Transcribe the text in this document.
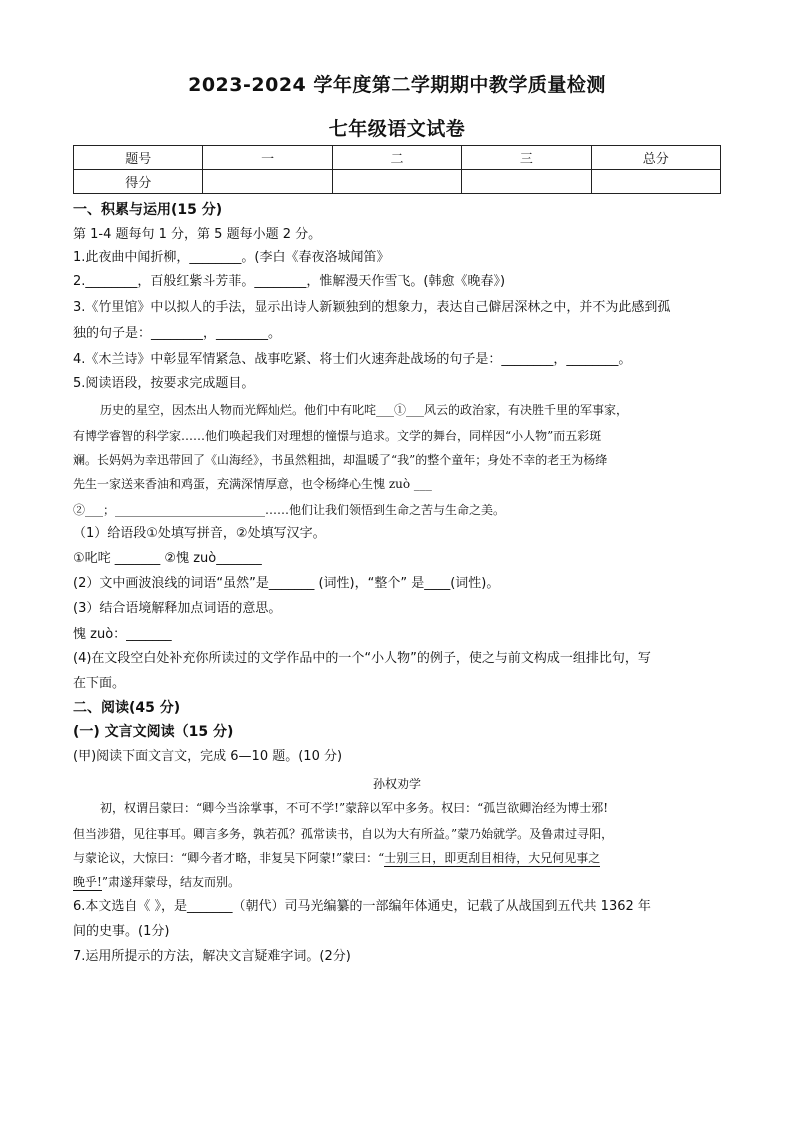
2023-2024 学年度第二学期期中教学质量检测
七年级语文试卷
题号	一	二	三	总分
得分				
一、积累与运用(15 分)
第 1-4 题每句 1 分，第 5 题每小题 2 分。
1.此夜曲中闻折柳，________。(李白《春夜洛城闻笛》
2.________，百般红紫斗芳菲。________，惟解漫天作雪飞。(韩愈《晚春》)
3.《竹里馆》中以拟人的手法，显示出诗人新颖独到的想象力，表达自己僻居深林之中，并不为此感到孤
独的句子是：________，________。
4.《木兰诗》中彰显军情紧急、战事吃紧、将士们火速奔赴战场的句子是：________，________。
5.阅读语段，按要求完成题目。
历史的星空，因杰出人物而光辉灿烂。他们中有叱咤___①___风云的政治家，有决胜千里的军事家，
有博学睿智的科学家……他们唤起我们对理想的憧憬与追求。文学的舞台，同样因“小人物”而五彩斑
斓。长妈妈为幸迅带回了《山海经》，书虽然粗拙，却温暖了“我”的整个童年；身处不幸的老王为杨绛
先生一家送来香油和鸡蛋，充满深情厚意，也令杨绛心生愧 zuò ___
②___；_________________________……他们让我们领悟到生命之苦与生命之美。
（1）给语段①处填写拼音，②处填写汉字。
①叱咤 _______ ②愧 zuò_______
(2）文中画波浪线的词语“虽然”是_______ (词性)，“整个” 是____(词性)。
(3）结合语境解释加点词语的意思。
愧 zuò：_______
(4)在文段空白处补充你所读过的文学作品中的一个“小人物”的例子，使之与前文构成一组排比句，写
在下面。
二、阅读(45 分)
(一) 文言文阅读（15 分)
(甲)阅读下面文言文，完成 6—10 题。(10 分)
孙权劝学
初，权谓吕蒙曰：“卿今当涂掌事，不可不学!”蒙辞以军中多务。权曰：“孤岂欲卿治经为博士邪!
但当涉猎，见往事耳。卿言多务，孰若孤？孤常读书，自以为大有所益。”蒙乃始就学。及鲁肃过寻阳，
与蒙论议，大惊曰：“卿今者才略，非复吴下阿蒙!”蒙曰：“士别三日，即更刮目相待，大兄何见事之
晚乎!”肃遂拜蒙母，结友而别。
6.本文选自《 》，是_______（朝代）司马光编纂的一部编年体通史，记载了从战国到五代共 1362 年
间的史事。(1分)
7.运用所提示的方法，解决文言疑难字词。(2分)
